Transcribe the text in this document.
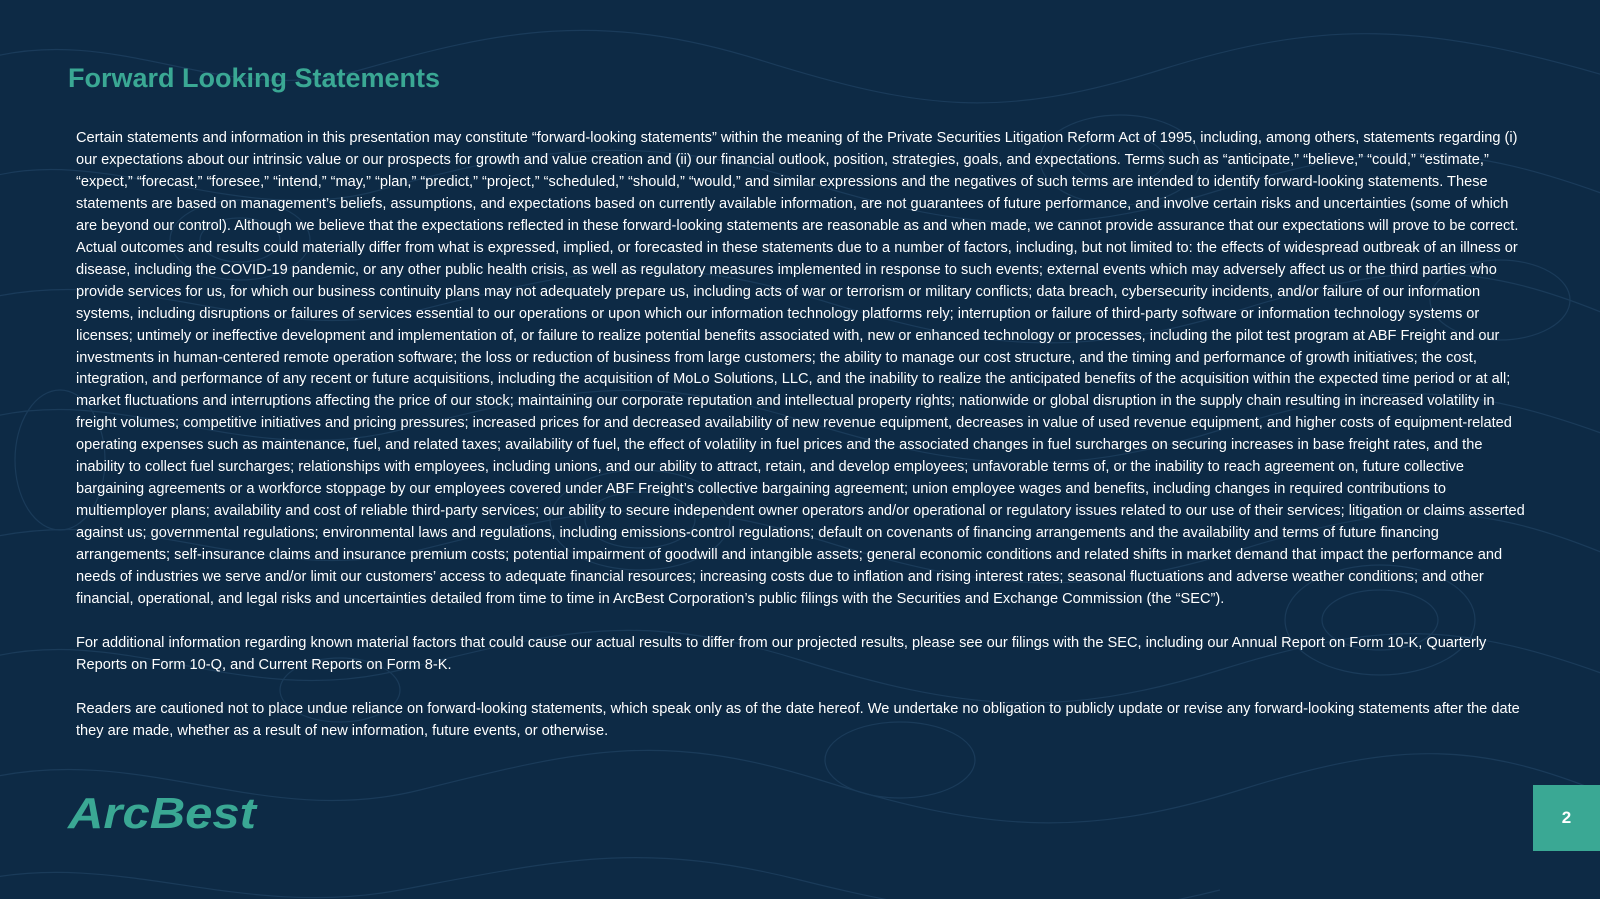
Forward Looking Statements

Certain statements and information in this presentation may constitute “forward-looking statements” within the meaning of the Private Securities Litigation Reform Act of 1995, including, among others, statements regarding (i) our expectations about our intrinsic value or our prospects for growth and value creation and (ii) our financial outlook, position, strategies, goals, and expectations. Terms such as “anticipate,” “believe,” “could,” “estimate,” “expect,” “forecast,” “foresee,” “intend,” “may,” “plan,” “predict,” “project,” “scheduled,” “should,” “would,” and similar expressions and the negatives of such terms are intended to identify forward-looking statements. These statements are based on management’s beliefs, assumptions, and expectations based on currently available information, are not guarantees of future performance, and involve certain risks and uncertainties (some of which are beyond our control). Although we believe that the expectations reflected in these forward-looking statements are reasonable as and when made, we cannot provide assurance that our expectations will prove to be correct. Actual outcomes and results could materially differ from what is expressed, implied, or forecasted in these statements due to a number of factors, including, but not limited to: the effects of widespread outbreak of an illness or disease, including the COVID-19 pandemic, or any other public health crisis, as well as regulatory measures implemented in response to such events; external events which may adversely affect us or the third parties who provide services for us, for which our business continuity plans may not adequately prepare us, including acts of war or terrorism or military conflicts; data breach, cybersecurity incidents, and/or failure of our information systems, including disruptions or failures of services essential to our operations or upon which our information technology platforms rely; interruption or failure of third-party software or information technology systems or licenses; untimely or ineffective development and implementation of, or failure to realize potential benefits associated with, new or enhanced technology or processes, including the pilot test program at ABF Freight and our investments in human-centered remote operation software; the loss or reduction of business from large customers; the ability to manage our cost structure, and the timing and performance of growth initiatives; the cost, integration, and performance of any recent or future acquisitions, including the acquisition of MoLo Solutions, LLC, and the inability to realize the anticipated benefits of the acquisition within the expected time period or at all; market fluctuations and interruptions affecting the price of our stock; maintaining our corporate reputation and intellectual property rights; nationwide or global disruption in the supply chain resulting in increased volatility in freight volumes; competitive initiatives and pricing pressures; increased prices for and decreased availability of new revenue equipment, decreases in value of used revenue equipment, and higher costs of equipment-related operating expenses such as maintenance, fuel, and related taxes; availability of fuel, the effect of volatility in fuel prices and the associated changes in fuel surcharges on securing increases in base freight rates, and the inability to collect fuel surcharges; relationships with employees, including unions, and our ability to attract, retain, and develop employees; unfavorable terms of, or the inability to reach agreement on, future collective bargaining agreements or a workforce stoppage by our employees covered under ABF Freight’s collective bargaining agreement; union employee wages and benefits, including changes in required contributions to multiemployer plans; availability and cost of reliable third-party services; our ability to secure independent owner operators and/or operational or regulatory issues related to our use of their services; litigation or claims asserted against us; governmental regulations; environmental laws and regulations, including emissions-control regulations; default on covenants of financing arrangements and the availability and terms of future financing arrangements; self-insurance claims and insurance premium costs; potential impairment of goodwill and intangible assets; general economic conditions and related shifts in market demand that impact the performance and needs of industries we serve and/or limit our customers’ access to adequate financial resources; increasing costs due to inflation and rising interest rates; seasonal fluctuations and adverse weather conditions; and other financial, operational, and legal risks and uncertainties detailed from time to time in ArcBest Corporation’s public filings with the Securities and Exchange Commission (the “SEC”).

For additional information regarding known material factors that could cause our actual results to differ from our projected results, please see our filings with the SEC, including our Annual Report on Form 10-K, Quarterly Reports on Form 10-Q, and Current Reports on Form 8-K.

Readers are cautioned not to place undue reliance on forward-looking statements, which speak only as of the date hereof. We undertake no obligation to publicly update or revise any forward-looking statements after the date they are made, whether as a result of new information, future events, or otherwise.

ArcBest	2
